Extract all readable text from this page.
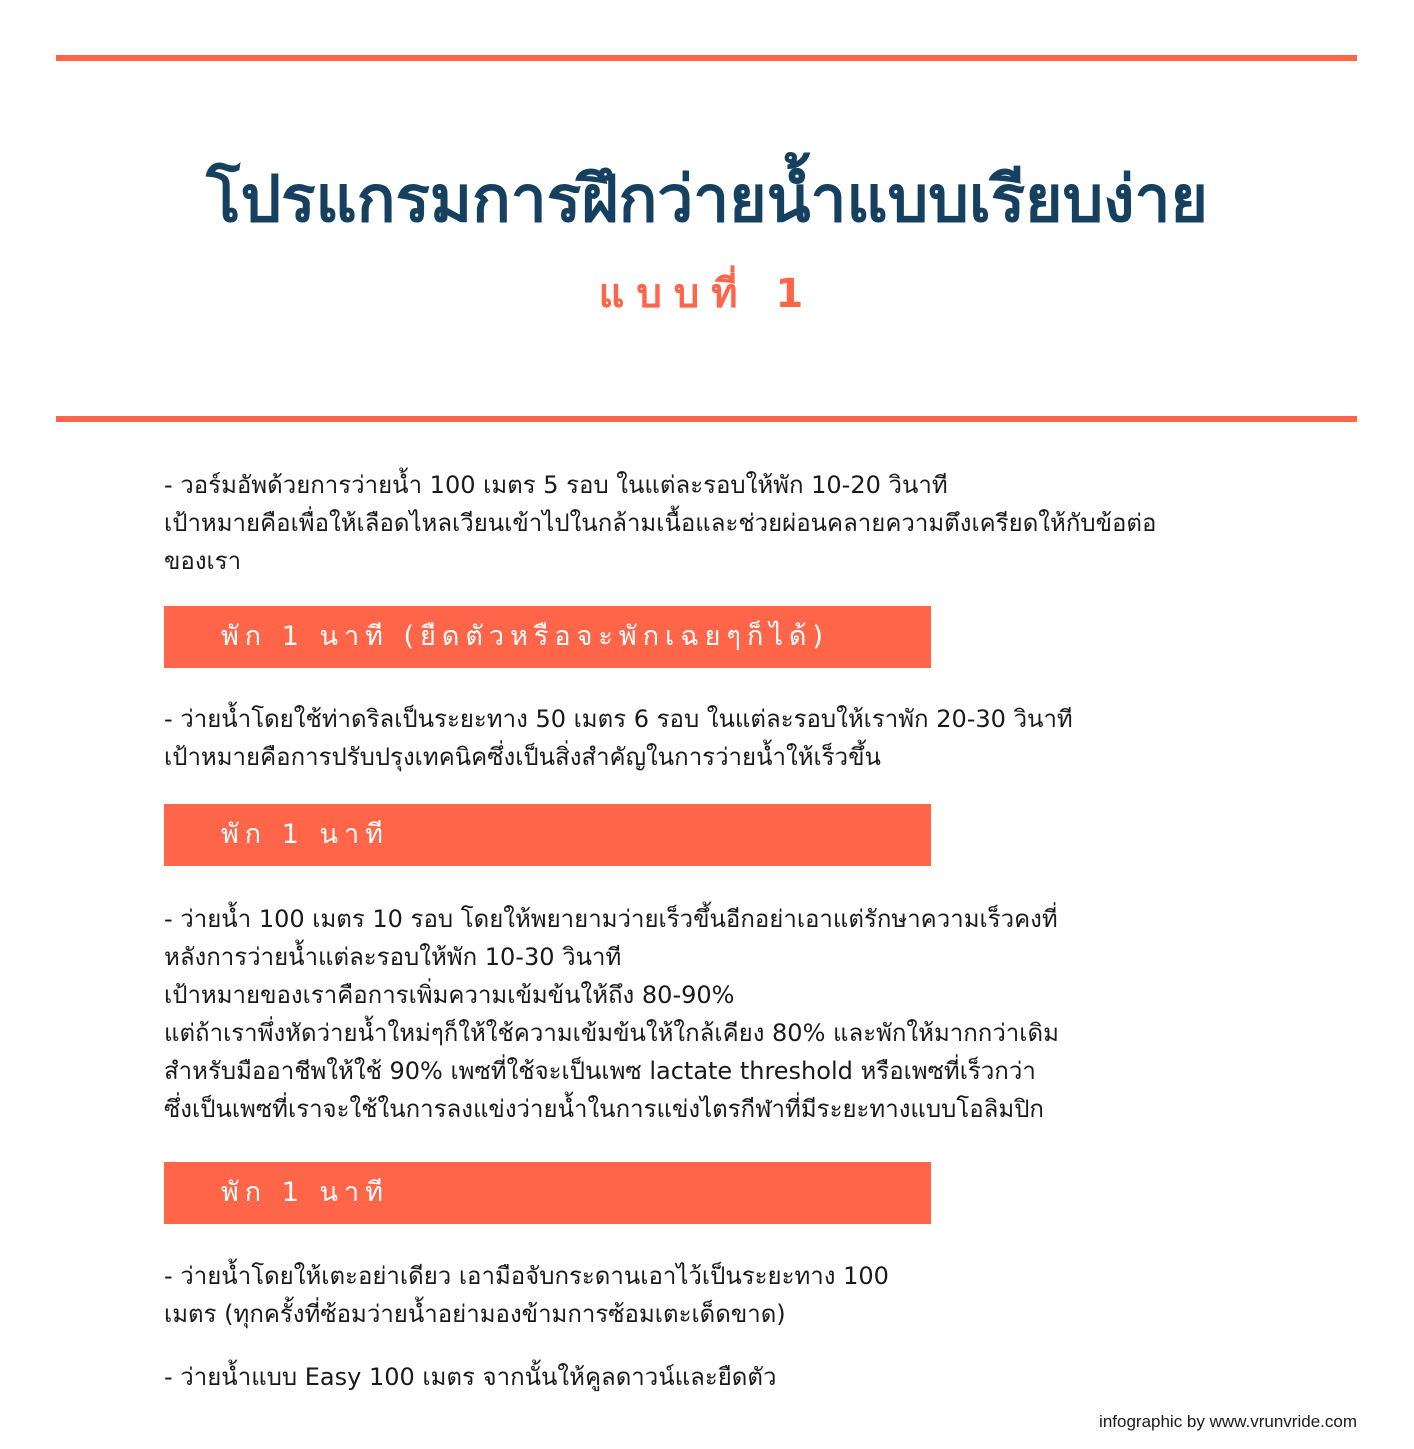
โปรแกรมการฝึกว่ายน้ำแบบเรียบง่าย
แบบที่ 1

- วอร์มอัพด้วยการว่ายน้ำ 100 เมตร 5 รอบ ในแต่ละรอบให้พัก 10-20 วินาที

เป้าหมายคือเพื่อให้เลือดไหลเวียนเข้าไปในกล้ามเนื้อและช่วยผ่อนคลายความตึงเครียดให้กับข้อต่อ

ของเรา

พัก 1 นาที (ยืดตัวหรือจะพักเฉยๆก็ได้)

- ว่ายน้ำโดยใช้ท่าดริลเป็นระยะทาง 50 เมตร 6 รอบ ในแต่ละรอบให้เราพัก 20-30 วินาที

เป้าหมายคือการปรับปรุงเทคนิคซึ่งเป็นสิ่งสำคัญในการว่ายน้ำให้เร็วขึ้น

พัก 1 นาที

- ว่ายน้ำ 100 เมตร 10 รอบ โดยให้พยายามว่ายเร็วขึ้นอีกอย่าเอาแต่รักษาความเร็วคงที่

หลังการว่ายน้ำแต่ละรอบให้พัก 10-30 วินาที

เป้าหมายของเราคือการเพิ่มความเข้มข้นให้ถึง 80-90%

แต่ถ้าเราพึ่งหัดว่ายน้ำใหม่ๆก็ให้ใช้ความเข้มข้นให้ใกล้เคียง 80% และพักให้มากกว่าเดิม

สำหรับมืออาชีพให้ใช้ 90% เพซที่ใช้จะเป็นเพซ lactate threshold หรือเพซที่เร็วกว่า

ซึ่งเป็นเพซที่เราจะใช้ในการลงแข่งว่ายน้ำในการแข่งไตรกีฬาที่มีระยะทางแบบโอลิมปิก

พัก 1 นาที

- ว่ายน้ำโดยให้เตะอย่าเดียว เอามือจับกระดานเอาไว้เป็นระยะทาง 100

เมตร (ทุกครั้งที่ซ้อมว่ายน้ำอย่ามองข้ามการซ้อมเตะเด็ดขาด)

- ว่ายน้ำแบบ Easy 100 เมตร จากนั้นให้คูลดาวน์และยืดตัว

infographic by www.vrunvride.com
